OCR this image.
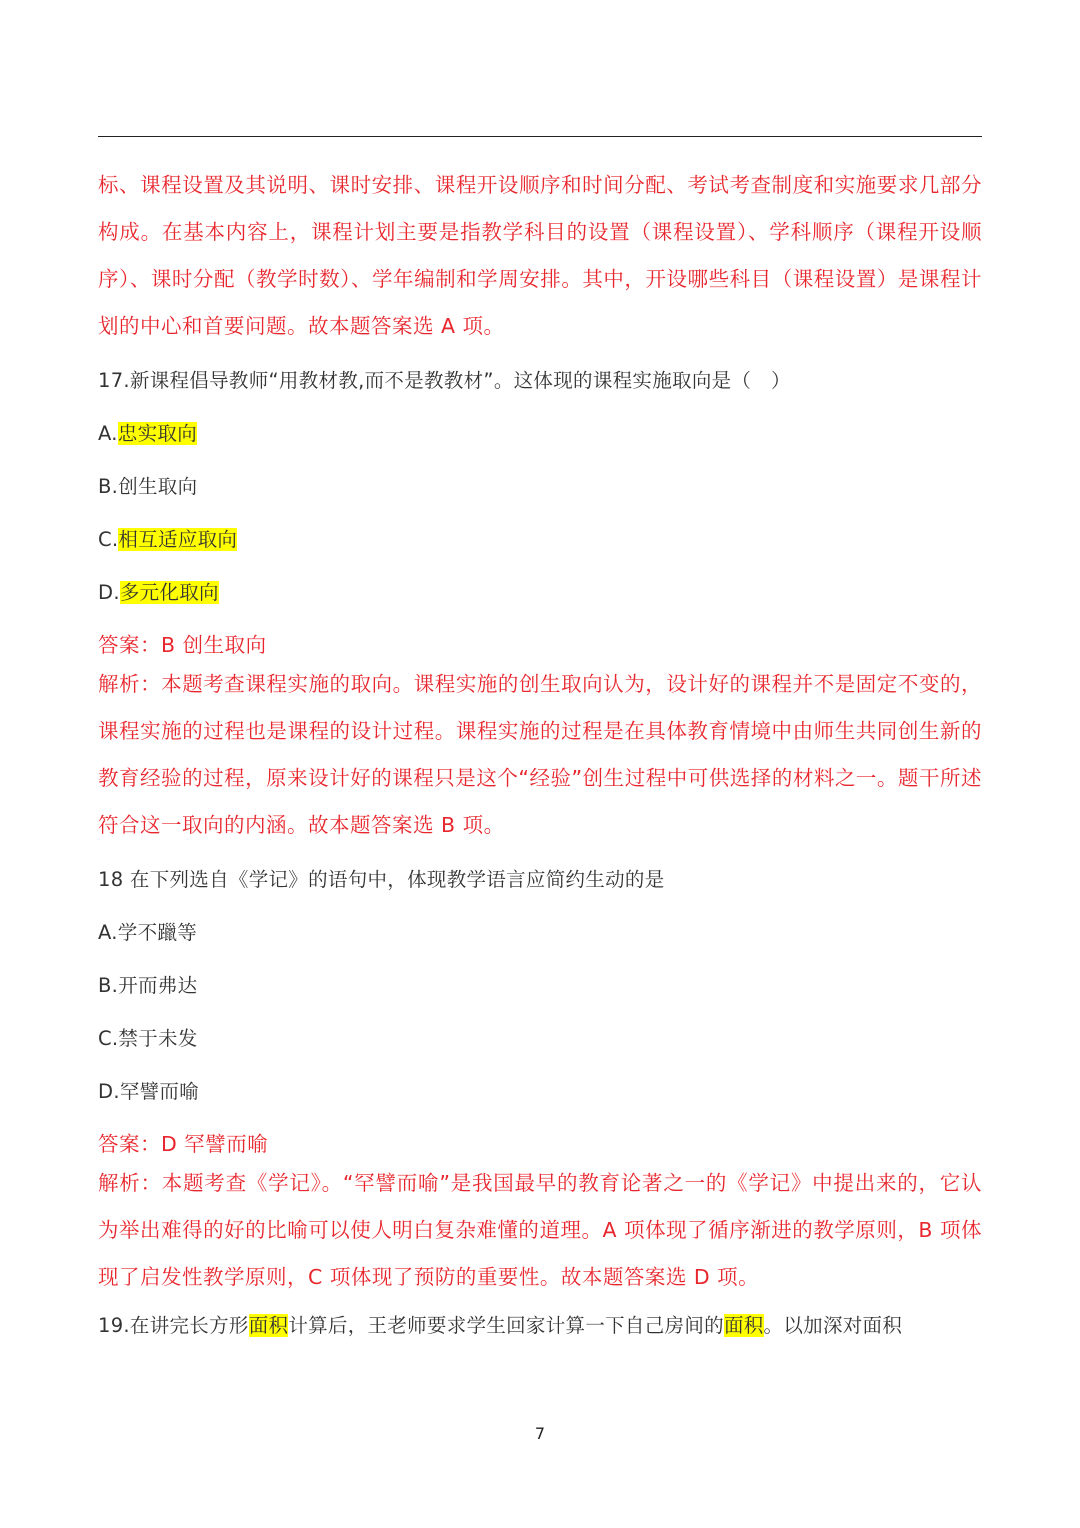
标、课程设置及其说明、课时安排、课程开设顺序和时间分配、考试考查制度和实施要求几部分构成。在基本内容上，课程计划主要是指教学科目的设置（课程设置）、学科顺序（课程开设顺序）、课时分配（教学时数）、学年编制和学周安排。其中，开设哪些科目（课程设置）是课程计划的中心和首要问题。故本题答案选 A 项。
17.新课程倡导教师“用教材教,而不是教教材”。这体现的课程实施取向是（　）
A.忠实取向
B.创生取向
C.相互适应取向
D.多元化取向
答案：B 创生取向
解析：本题考查课程实施的取向。课程实施的创生取向认为，设计好的课程并不是固定不变的，课程实施的过程也是课程的设计过程。课程实施的过程是在具体教育情境中由师生共同创生新的教育经验的过程，原来设计好的课程只是这个“经验”创生过程中可供选择的材料之一。题干所述符合这一取向的内涵。故本题答案选 B 项。
18 在下列选自《学记》的语句中，体现教学语言应简约生动的是
A.学不躐等
B.开而弗达
C.禁于未发
D.罕譬而喻
答案：D 罕譬而喻
解析：本题考查《学记》。“罕譬而喻”是我国最早的教育论著之一的《学记》中提出来的，它认为举出难得的好的比喻可以使人明白复杂难懂的道理。A 项体现了循序渐进的教学原则，B 项体现了启发性教学原则，C 项体现了预防的重要性。故本题答案选 D 项。
19.在讲完长方形面积计算后，王老师要求学生回家计算一下自己房间的面积。以加深对面积
7
